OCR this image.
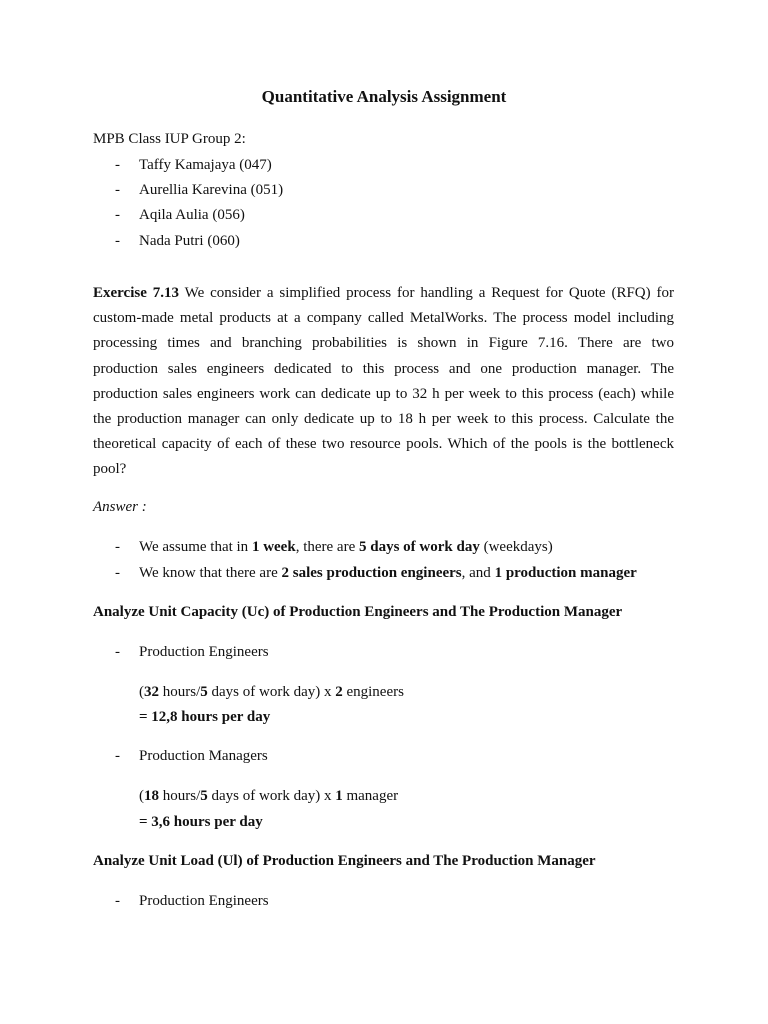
Quantitative Analysis Assignment
MPB Class IUP Group 2:
- Taffy Kamajaya (047)
- Aurellia Karevina (051)
- Aqila Aulia (056)
- Nada Putri (060)
Exercise 7.13 We consider a simplified process for handling a Request for Quote (RFQ) for
custom-made metal products at a company called MetalWorks. The process model including
processing times and branching probabilities is shown in Figure 7.16. There are two
production sales engineers dedicated to this process and one production manager. The
production sales engineers work can dedicate up to 32 h per week to this process (each) while
the production manager can only dedicate up to 18 h per week to this process. Calculate the
theoretical capacity of each of these two resource pools. Which of the pools is the bottleneck
pool?
Answer :
- We assume that in 1 week, there are 5 days of work day (weekdays)
- We know that there are 2 sales production engineers, and 1 production manager
Analyze Unit Capacity (Uc) of Production Engineers and The Production Manager
- Production Engineers
(32 hours/5 days of work day) x 2 engineers
= 12,8 hours per day
- Production Managers
(18 hours/5 days of work day) x 1 manager
= 3,6 hours per day
Analyze Unit Load (Ul) of Production Engineers and The Production Manager
- Production Engineers
